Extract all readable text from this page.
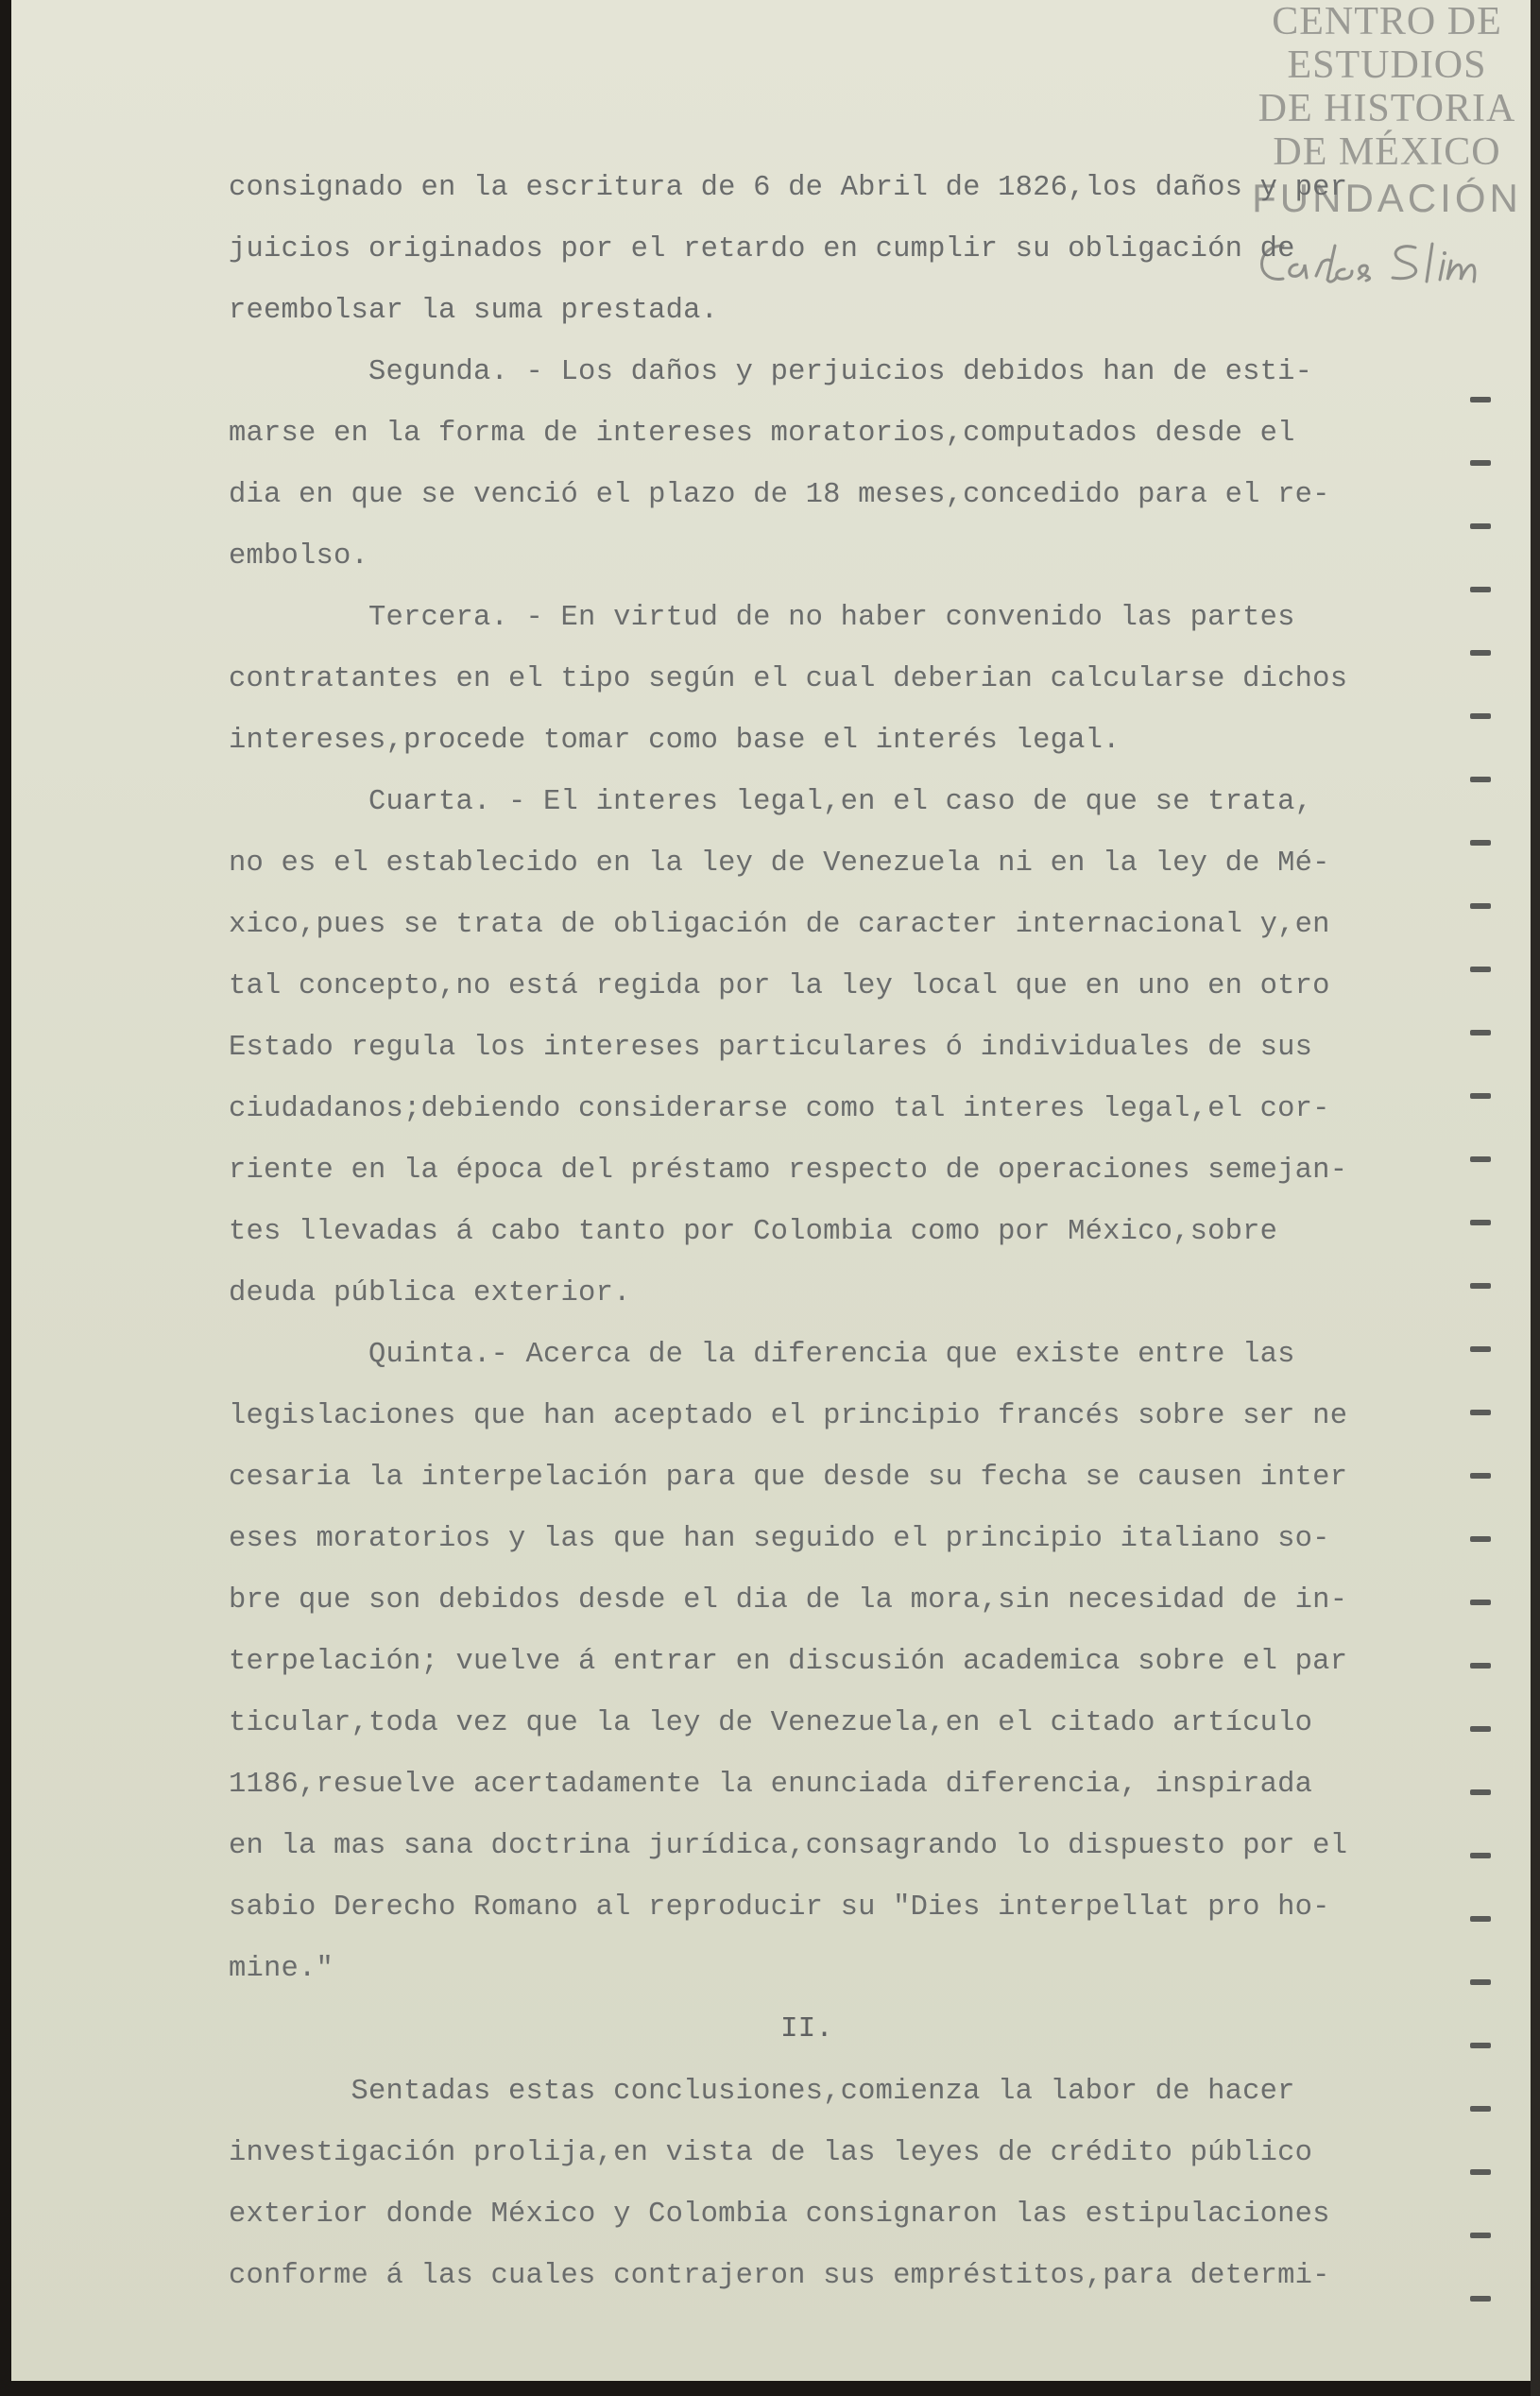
CENTRO DE
ESTUDIOS
DE HISTORIA
DE MÉXICO
FUNDACIÓN
consignado en la escritura de 6 de Abril de 1826,los daños y per
juicios originados por el retardo en cumplir su obligación de
reembolsar la suma prestada.
Segunda. - Los daños y perjuicios debidos han de esti-
marse en la forma de intereses moratorios,computados desde el
dia en que se venció el plazo de 18 meses,concedido para el re-
embolso.
Tercera. - En virtud de no haber convenido las partes
contratantes en el tipo según el cual deberian calcularse dichos
intereses,procede tomar como base el interés legal.
Cuarta. - El interes legal,en el caso de que se trata,
no es el establecido en la ley de Venezuela ni en la ley de Mé-
xico,pues se trata de obligación de caracter internacional y,en
tal concepto,no está regida por la ley local que en uno en otro
Estado regula los intereses particulares ó individuales de sus
ciudadanos;debiendo considerarse como tal interes legal,el cor-
riente en la época del préstamo respecto de operaciones semejan-
tes llevadas á cabo tanto por Colombia como por México,sobre
deuda pública exterior.
Quinta.- Acerca de la diferencia que existe entre las
legislaciones que han aceptado el principio francés sobre ser ne
cesaria la interpelación para que desde su fecha se causen inter
eses moratorios y las que han seguido el principio italiano so-
bre que son debidos desde el dia de la mora,sin necesidad de in-
terpelación; vuelve á entrar en discusión academica sobre el par
ticular,toda vez que la ley de Venezuela,en el citado artículo
1186,resuelve acertadamente la enunciada diferencia, inspirada
en la mas sana doctrina jurídica,consagrando lo dispuesto por el
sabio Derecho Romano al reproducir su "Dies interpellat pro ho-
mine."
Sentadas estas conclusiones,comienza la labor de hacer
investigación prolija,en vista de las leyes de crédito público
exterior donde México y Colombia consignaron las estipulaciones
conforme á las cuales contrajeron sus empréstitos,para determi-
II.
